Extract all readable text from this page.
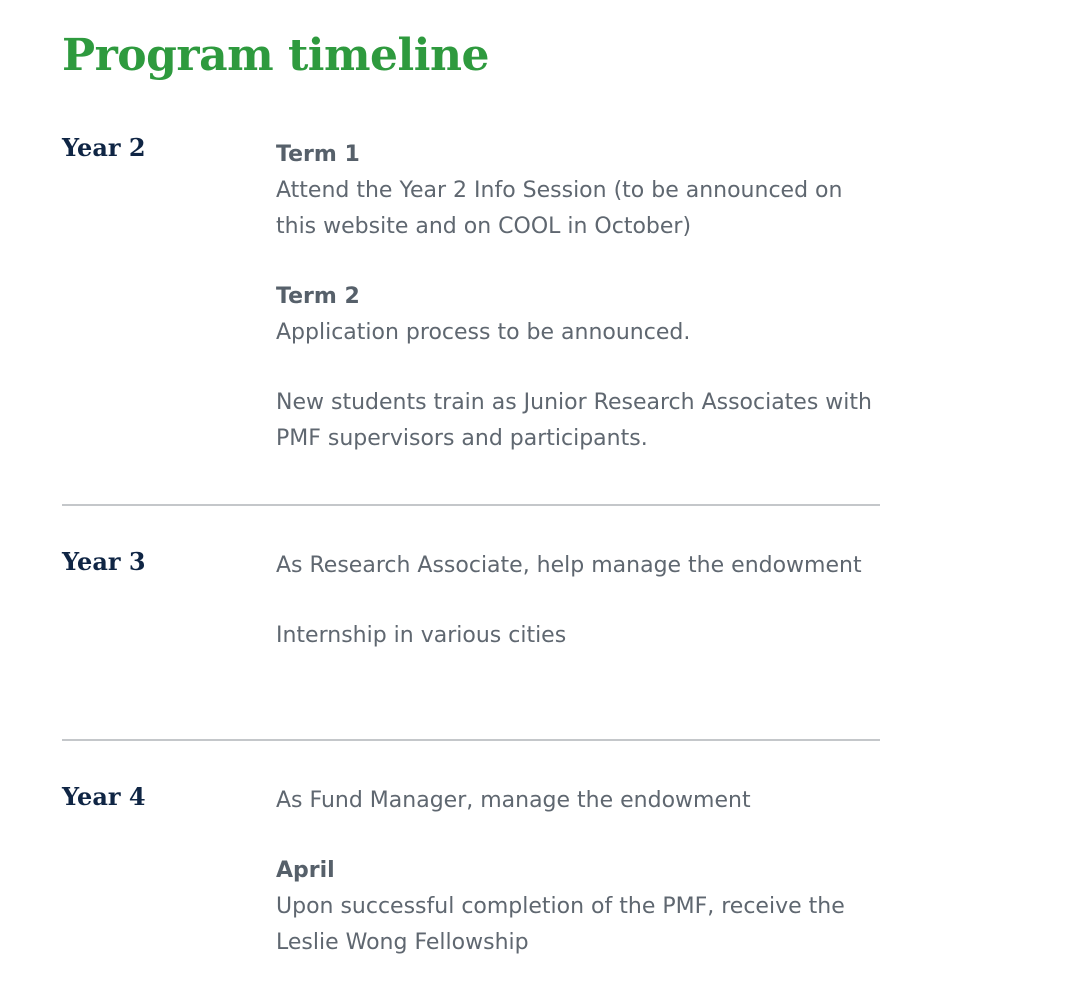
Program timeline
Year 2	Term 1
Attend the Year 2 Info Session (to be announced on this website and on COOL in October)

Term 2
Application process to be announced.

New students train as Junior Research Associates with PMF supervisors and participants.

Year 3	As Research Associate, help manage the endowment

Internship in various cities

Year 4	As Fund Manager, manage the endowment

April
Upon successful completion of the PMF, receive the Leslie Wong Fellowship
